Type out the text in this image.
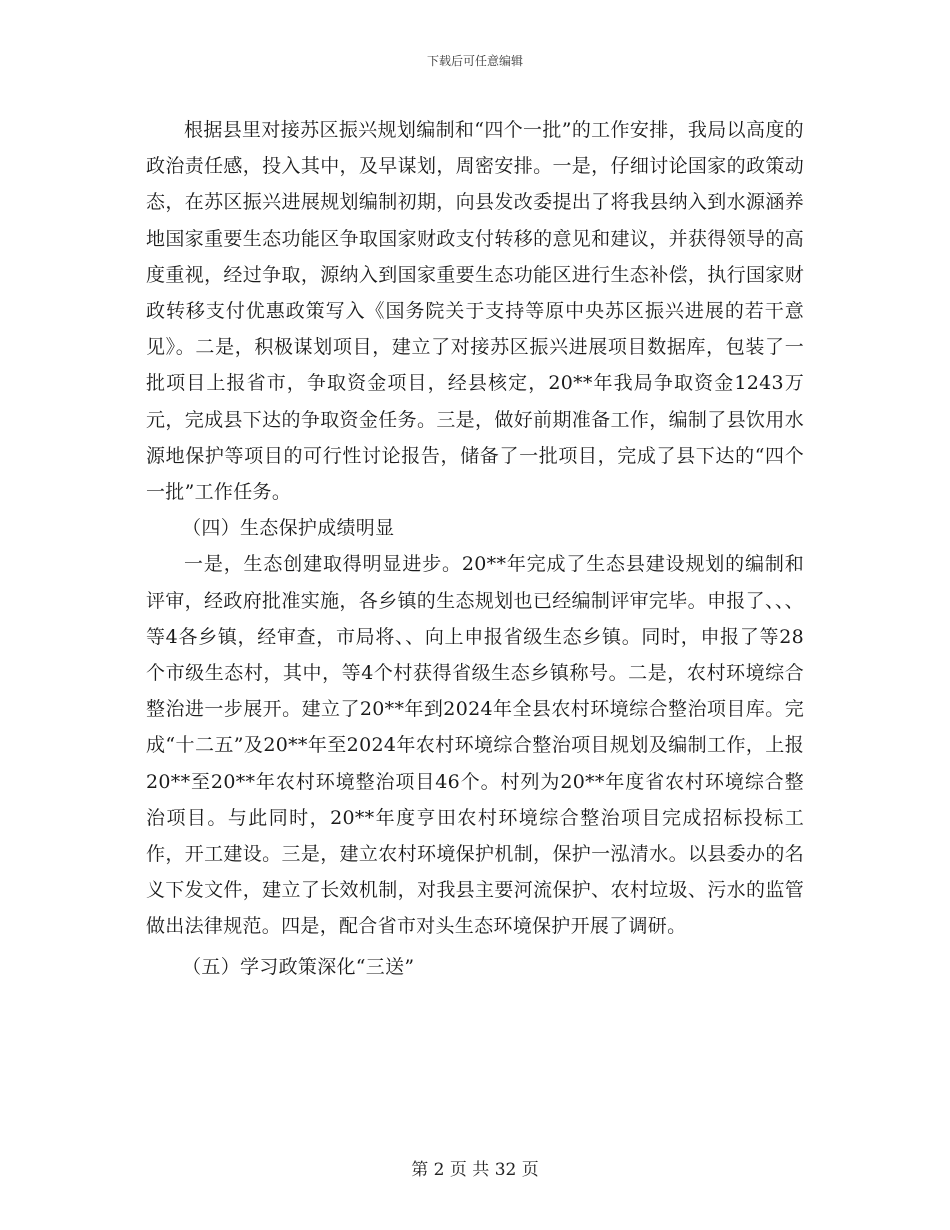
下载后可任意编辑

根据县里对接苏区振兴规划编制和“四个一批”的工作安排，我局以高度的政治责任感，投入其中，及早谋划，周密安排。一是，仔细讨论国家的政策动态，在苏区振兴进展规划编制初期，向县发改委提出了将我县纳入到水源涵养地国家重要生态功能区争取国家财政支付转移的意见和建议，并获得领导的高度重视，经过争取，源纳入到国家重要生态功能区进行生态补偿，执行国家财政转移支付优惠政策写入《国务院关于支持等原中央苏区振兴进展的若干意见》。二是，积极谋划项目，建立了对接苏区振兴进展项目数据库，包装了一批项目上报省市，争取资金项目，经县核定，20**年我局争取资金1243万元，完成县下达的争取资金任务。三是，做好前期准备工作，编制了县饮用水源地保护等项目的可行性讨论报告，储备了一批项目，完成了县下达的“四个一批”工作任务。

（四）生态保护成绩明显

一是，生态创建取得明显进步。20**年完成了生态县建设规划的编制和评审，经政府批准实施，各乡镇的生态规划也已经编制评审完毕。申报了、、、等4各乡镇，经审查，市局将、、向上申报省级生态乡镇。同时，申报了等28个市级生态村，其中，等4个村获得省级生态乡镇称号。二是，农村环境综合整治进一步展开。建立了20**年到2024年全县农村环境综合整治项目库。完成“十二五”及20**年至2024年农村环境综合整治项目规划及编制工作，上报20**至20**年农村环境整治项目46个。村列为20**年度省农村环境综合整治项目。与此同时，20**年度亨田农村环境综合整治项目完成招标投标工作，开工建设。三是，建立农村环境保护机制，保护一泓清水。以县委办的名义下发文件，建立了长效机制，对我县主要河流保护、农村垃圾、污水的监管做出法律规范。四是，配合省市对头生态环境保护开展了调研。

（五）学习政策深化“三送”

第 2 页 共 32 页
